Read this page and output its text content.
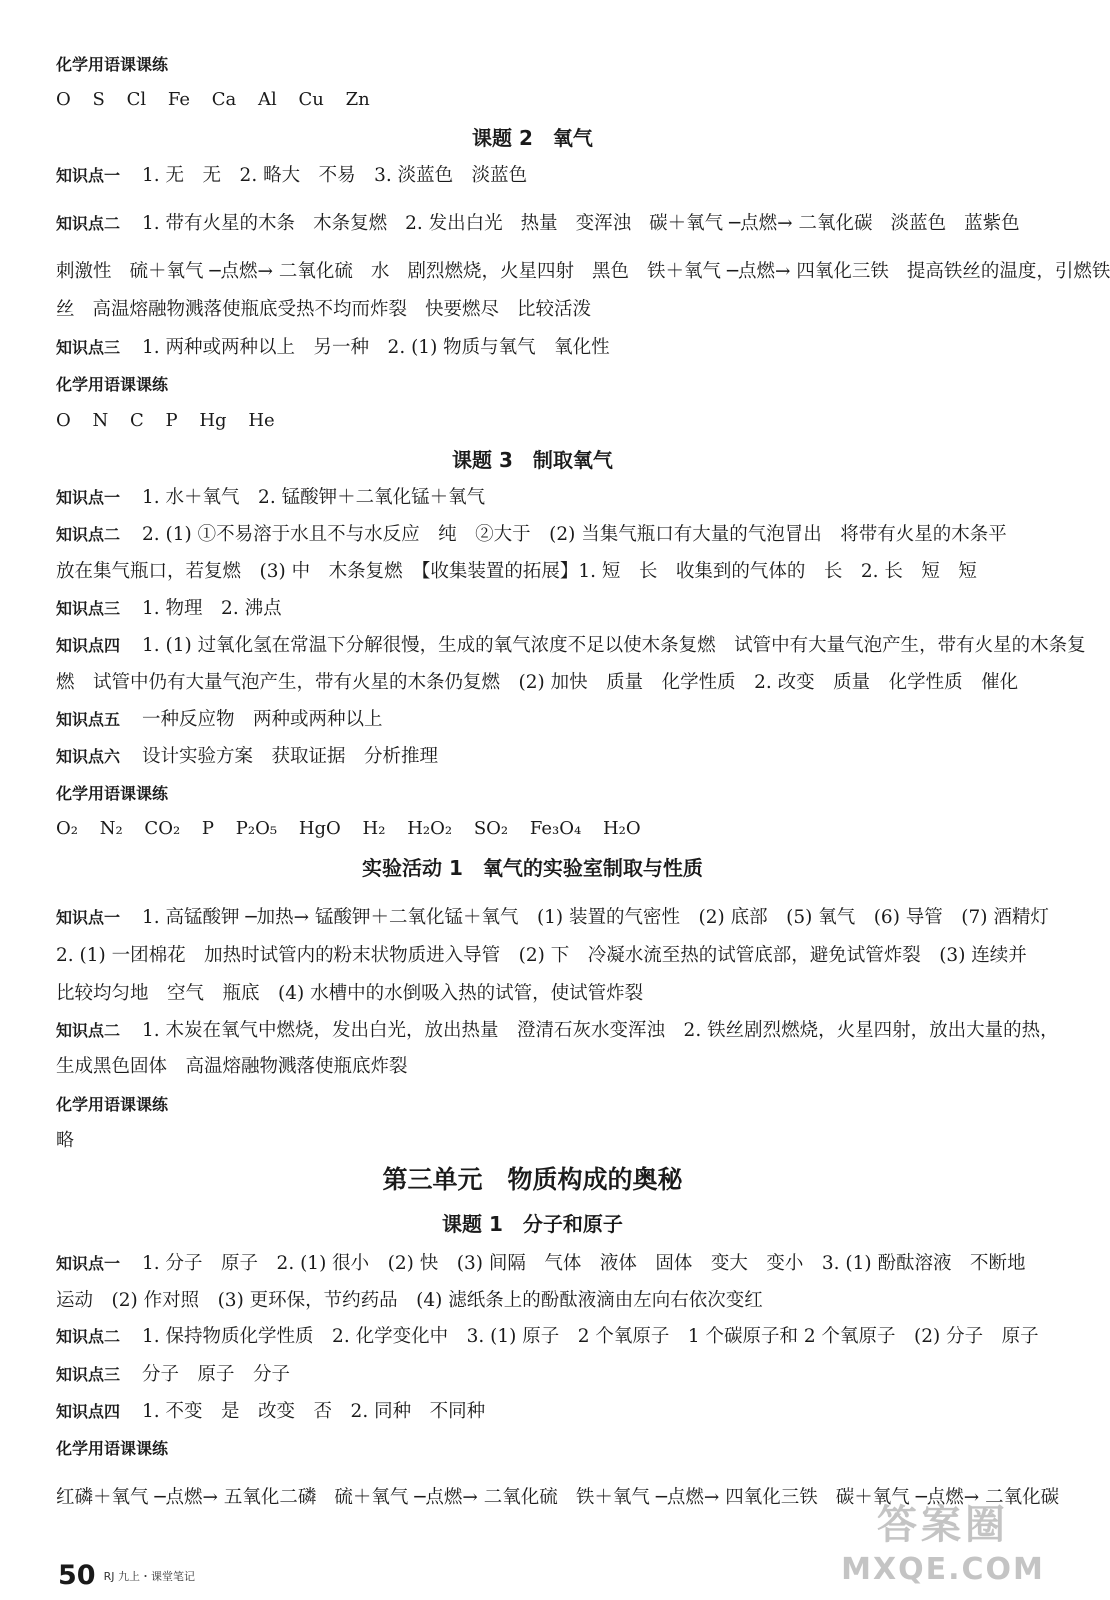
化学用语课课练
O S Cl Fe Ca Al Cu Zn
课题 2　氧气
知识点一 1. 无　无　2. 略大　不易　3. 淡蓝色　淡蓝色
知识点二 1. 带有火星的木条 木条复燃 2. 发出白光 热量 变浑浊 碳＋氧气 ─点燃→ 二氧化碳 淡蓝色 蓝紫色
刺激性 硫＋氧气 ─点燃→ 二氧化硫 水 剧烈燃烧，火星四射 黑色 铁＋氧气 ─点燃→ 四氧化三铁 提高铁丝的温度，引燃铁
丝 高温熔融物溅落使瓶底受热不均而炸裂 快要燃尽 比较活泼
知识点三 1. 两种或两种以上　另一种　2. (1) 物质与氧气　氧化性
化学用语课课练
O N C P Hg He
课题 3　制取氧气
知识点一 1. 水＋氧气　2. 锰酸钾＋二氧化锰＋氧气
知识点二 2. (1) ①不易溶于水且不与水反应　纯　②大于　(2) 当集气瓶口有大量的气泡冒出　将带有火星的木条平
放在集气瓶口，若复燃　(3) 中　木条复燃　【收集装置的拓展】1. 短　长　收集到的气体的　长　2. 长　短　短
知识点三 1. 物理　2. 沸点
知识点四 1. (1) 过氧化氢在常温下分解很慢，生成的氧气浓度不足以使木条复燃　试管中有大量气泡产生，带有火星的木条复
燃　试管中仍有大量气泡产生，带有火星的木条仍复燃　(2) 加快　质量　化学性质　2. 改变　质量　化学性质　催化
知识点五 一种反应物　两种或两种以上
知识点六 设计实验方案　获取证据　分析推理
化学用语课课练
O₂ N₂ CO₂ P P₂O₅ HgO H₂ H₂O₂ SO₂ Fe₃O₄ H₂O
实验活动 1　氧气的实验室制取与性质
知识点一 1. 高锰酸钾 ─加热→ 锰酸钾＋二氧化锰＋氧气　(1) 装置的气密性　(2) 底部　(5) 氧气　(6) 导管　(7) 酒精灯
2. (1) 一团棉花　加热时试管内的粉末状物质进入导管　(2) 下　冷凝水流至热的试管底部，避免试管炸裂　(3) 连续并
比较均匀地　空气　瓶底　(4) 水槽中的水倒吸入热的试管，使试管炸裂
知识点二 1. 木炭在氧气中燃烧，发出白光，放出热量　澄清石灰水变浑浊　2. 铁丝剧烈燃烧，火星四射，放出大量的热，
生成黑色固体　高温熔融物溅落使瓶底炸裂
化学用语课课练
略
第三单元　物质构成的奥秘
课题 1　分子和原子
知识点一 1. 分子　原子　2. (1) 很小　(2) 快　(3) 间隔　气体　液体　固体　变大　变小　3. (1) 酚酞溶液　不断地
运动　(2) 作对照　(3) 更环保，节约药品　(4) 滤纸条上的酚酞液滴由左向右依次变红
知识点二 1. 保持物质化学性质　2. 化学变化中　3. (1) 原子　2 个氧原子　1 个碳原子和 2 个氧原子　(2) 分子　原子
知识点三 分子　原子　分子
知识点四 1. 不变　是　改变　否　2. 同种　不同种
化学用语课课练
红磷＋氧气 ─点燃→ 五氧化二磷 硫＋氧气 ─点燃→ 二氧化硫 铁＋氧气 ─点燃→ 四氧化三铁 碳＋氧气 ─点燃→ 二氧化碳
答案圈
MXQE.COM
50 RJ 九上・课堂笔记
